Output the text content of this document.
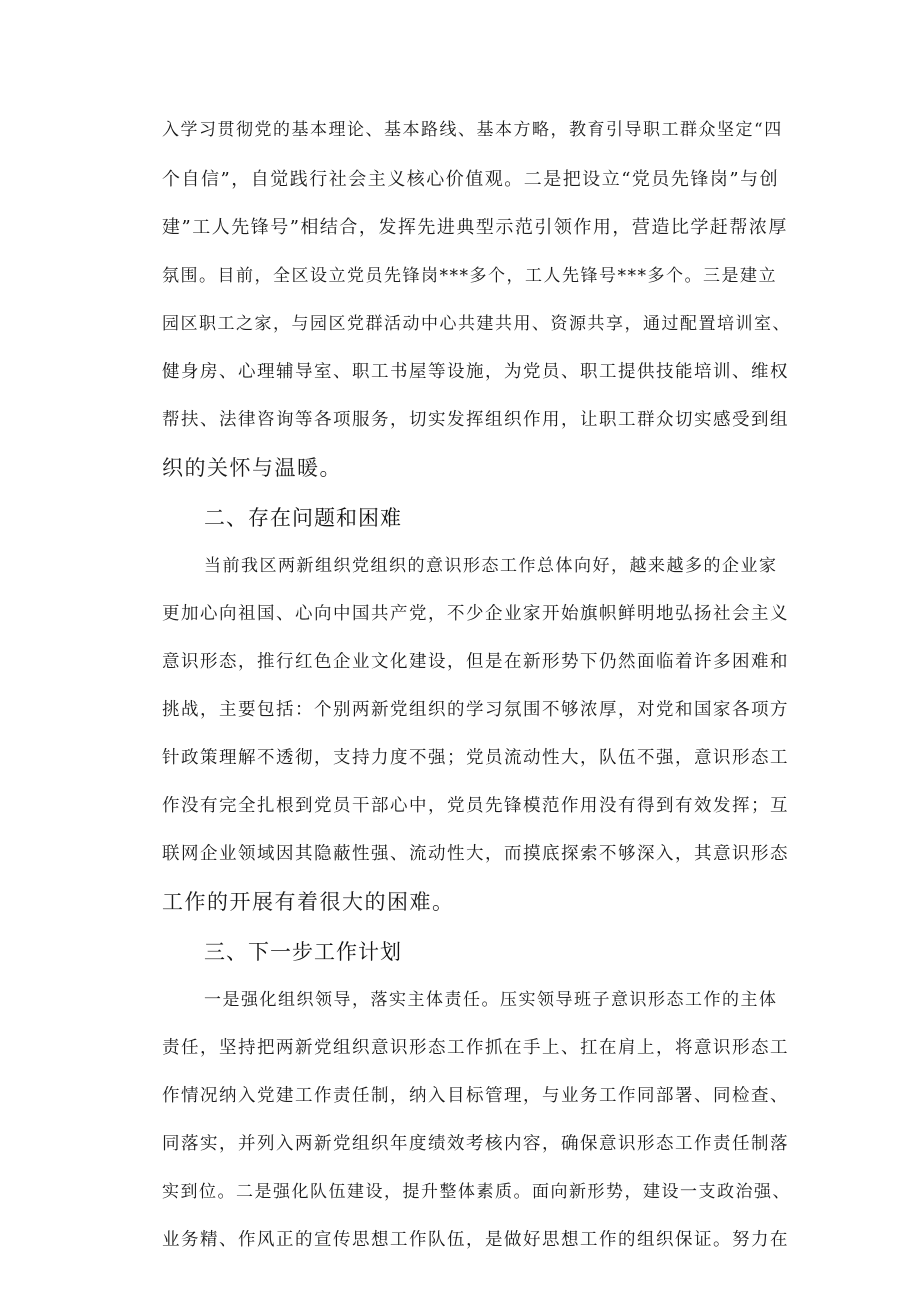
入学习贯彻党的基本理论、基本路线、基本方略，教育引导职工群众坚定“四
个自信”，自觉践行社会主义核心价值观。二是把设立“党员先锋岗”与创
建”工人先锋号”相结合，发挥先进典型示范引领作用，营造比学赶帮浓厚
氛围。目前，全区设立党员先锋岗***多个，工人先锋号***多个。三是建立
园区职工之家，与园区党群活动中心共建共用、资源共享，通过配置培训室、
健身房、心理辅导室、职工书屋等设施，为党员、职工提供技能培训、维权
帮扶、法律咨询等各项服务，切实发挥组织作用，让职工群众切实感受到组
织的关怀与温暖。
二、存在问题和困难
当前我区两新组织党组织的意识形态工作总体向好，越来越多的企业家
更加心向祖国、心向中国共产党，不少企业家开始旗帜鲜明地弘扬社会主义
意识形态，推行红色企业文化建设，但是在新形势下仍然面临着许多困难和
挑战，主要包括：个别两新党组织的学习氛围不够浓厚，对党和国家各项方
针政策理解不透彻，支持力度不强；党员流动性大，队伍不强，意识形态工
作没有完全扎根到党员干部心中，党员先锋模范作用没有得到有效发挥；互
联网企业领域因其隐蔽性强、流动性大，而摸底探索不够深入，其意识形态
工作的开展有着很大的困难。
三、下一步工作计划
一是强化组织领导，落实主体责任。压实领导班子意识形态工作的主体
责任，坚持把两新党组织意识形态工作抓在手上、扛在肩上，将意识形态工
作情况纳入党建工作责任制，纳入目标管理，与业务工作同部署、同检查、
同落实，并列入两新党组织年度绩效考核内容，确保意识形态工作责任制落
实到位。二是强化队伍建设，提升整体素质。面向新形势，建设一支政治强、
业务精、作风正的宣传思想工作队伍，是做好思想工作的组织保证。努力在
